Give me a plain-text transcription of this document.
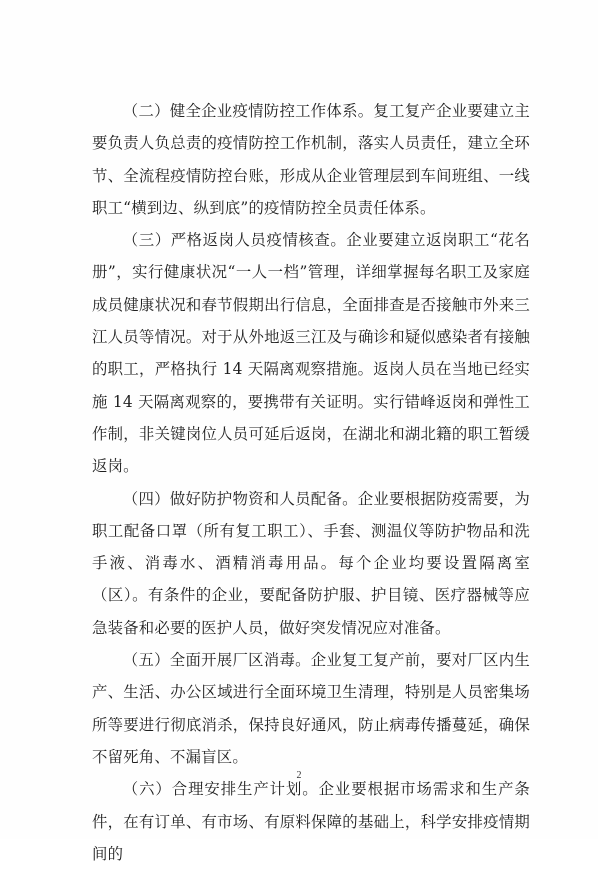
（二）健全企业疫情防控工作体系。复工复产企业要建立主要负责人负总责的疫情防控工作机制，落实人员责任，建立全环节、全流程疫情防控台账，形成从企业管理层到车间班组、一线职工“横到边、纵到底”的疫情防控全员责任体系。

（三）严格返岗人员疫情核查。企业要建立返岗职工“花名册”，实行健康状况“一人一档”管理，详细掌握每名职工及家庭成员健康状况和春节假期出行信息，全面排查是否接触市外来三江人员等情况。对于从外地返三江及与确诊和疑似感染者有接触的职工，严格执行 14 天隔离观察措施。返岗人员在当地已经实施 14 天隔离观察的，要携带有关证明。实行错峰返岗和弹性工作制，非关键岗位人员可延后返岗，在湖北和湖北籍的职工暂缓返岗。

（四）做好防护物资和人员配备。企业要根据防疫需要，为职工配备口罩（所有复工职工）、手套、测温仪等防护物品和洗手液、消毒水、酒精消毒用品。每个企业均要设置隔离室（区）。有条件的企业，要配备防护服、护目镜、医疗器械等应急装备和必要的医护人员，做好突发情况应对准备。

（五）全面开展厂区消毒。企业复工复产前，要对厂区内生产、生活、办公区域进行全面环境卫生清理，特别是人员密集场所等要进行彻底消杀，保持良好通风，防止病毒传播蔓延，确保不留死角、不漏盲区。

（六）合理安排生产计划。企业要根据市场需求和生产条件，在有订单、有市场、有原料保障的基础上，科学安排疫情期间的

2
